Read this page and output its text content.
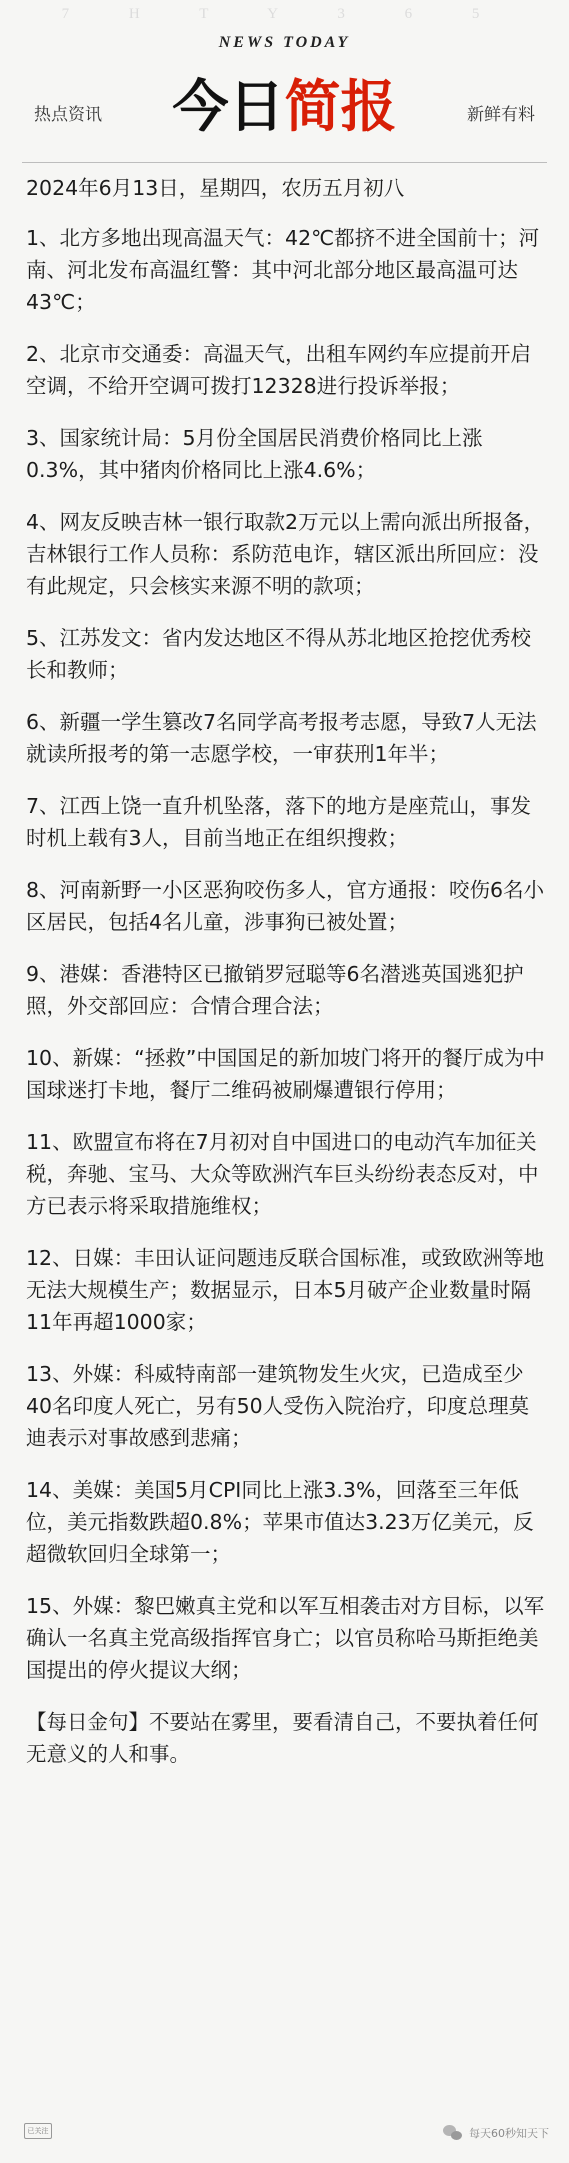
7 H T Y 3 6 5
NEWS TODAY
热点资讯	今日简报	新鲜有料

2024年6月13日，星期四，农历五月初八

1、北方多地出现高温天气：42℃都挤不进全国前十；河南、河北发布高温红警：其中河北部分地区最高温可达43℃；

2、北京市交通委：高温天气，出租车网约车应提前开启空调，不给开空调可拨打12328进行投诉举报；

3、国家统计局：5月份全国居民消费价格同比上涨0.3%，其中猪肉价格同比上涨4.6%；

4、网友反映吉林一银行取款2万元以上需向派出所报备，吉林银行工作人员称：系防范电诈，辖区派出所回应：没有此规定，只会核实来源不明的款项；

5、江苏发文：省内发达地区不得从苏北地区抢挖优秀校长和教师；

6、新疆一学生篡改7名同学高考报考志愿，导致7人无法就读所报考的第一志愿学校，一审获刑1年半；

7、江西上饶一直升机坠落，落下的地方是座荒山，事发时机上载有3人，目前当地正在组织搜救；

8、河南新野一小区恶狗咬伤多人，官方通报：咬伤6名小区居民，包括4名儿童，涉事狗已被处置；

9、港媒：香港特区已撤销罗冠聪等6名潜逃英国逃犯护照，外交部回应：合情合理合法；

10、新媒：“拯救”中国国足的新加坡门将开的餐厅成为中国球迷打卡地，餐厅二维码被刷爆遭银行停用；

11、欧盟宣布将在7月初对自中国进口的电动汽车加征关税，奔驰、宝马、大众等欧洲汽车巨头纷纷表态反对，中方已表示将采取措施维权；

12、日媒：丰田认证问题违反联合国标准，或致欧洲等地无法大规模生产；数据显示，日本5月破产企业数量时隔11年再超1000家；

13、外媒：科威特南部一建筑物发生火灾，已造成至少40名印度人死亡，另有50人受伤入院治疗，印度总理莫迪表示对事故感到悲痛；

14、美媒：美国5月CPI同比上涨3.3%，回落至三年低位，美元指数跌超0.8%；苹果市值达3.23万亿美元，反超微软回归全球第一；

15、外媒：黎巴嫩真主党和以军互相袭击对方目标，以军确认一名真主党高级指挥官身亡；以官员称哈马斯拒绝美国提出的停火提议大纲；

【每日金句】不要站在雾里，要看清自己，不要执着任何无意义的人和事。

已关注	每天60秒知天下
